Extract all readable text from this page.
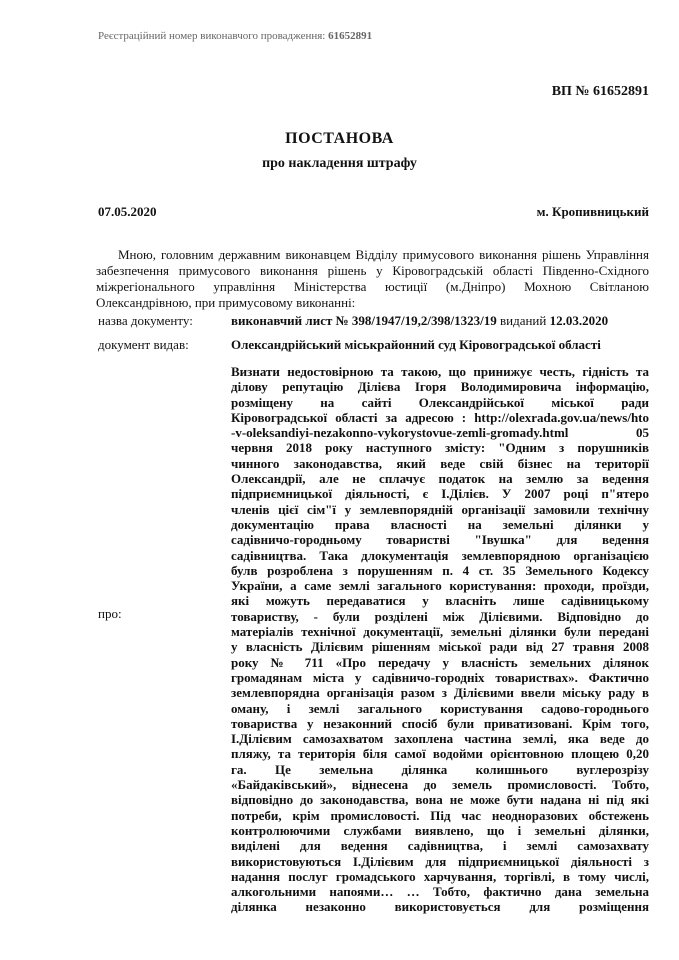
Реєстраційний номер виконавчого провадження: 61652891
ВП № 61652891
ПОСТАНОВА
про накладення штрафу
07.05.2020	м. Кропивницький
Мною, головним державним виконавцем Відділу примусового виконання рішень Управління забезпечення примусового виконання рішень у Кіровоградській області Південно-Східного міжрегіонального управління Міністерства юстиції (м.Дніпро) Мохною Світланою Олександрівною, при примусовому виконанні:
назва документу:	виконавчий лист № 398/1947/19,2/398/1323/19 виданий 12.03.2020
документ видав:	Олександрійський міськрайонний суд Кіровоградської області
про:
Визнати недостовірною та такою, що принижує честь, гідність та
ділову репутацію Ділієва Ігоря Володимировича інформацію,
розміщену на сайті Олександрійської міської ради
Кіровоградської області за адресою : http://olexrada.gov.ua/news/hto
-v-oleksandiyi-nezakonno-vykorystovue-zemli-gromady.html 05
червня 2018 року наступного змісту: "Одним з порушників
чинного законодавства, який веде свій бізнес на території
Олександрії, але не сплачує податок на землю за ведення
підприємницької діяльності, є І.Ділієв. У 2007 році п"ятеро
членів цієї сім"ї у землевпорядній організації замовили технічну
документацію права власності на земельні ділянки у
садівничо-городньому товаристві "Івушка" для ведення
садівництва. Така длокументація землевпорядною організацією
булв розроблена з порушенням п. 4 ст. 35 Земельного Кодексу
України, а саме землі загального користування: проходи, проїзди,
які можуть передаватися у власніть лише садівницькому
товариству, - були розділені між Ділієвими. Відповідно до
матеріалів технічної документації, земельні ділянки були передані
у власність Ділієвим рішенням міської ради від 27 травня 2008
року № 711 «Про передачу у власність земельних ділянок
громадянам міста у садівничо-городніх товариствах». Фактично
землевпорядна організація разом з Ділієвими ввели міську раду в
оману, і землі загального користування садово-городнього
товариства у незаконний спосіб були приватизовані. Крім того,
І.Ділієвим самозахватом захоплена частина землі, яка веде до
пляжу, та територія біля самої водойми орієнтовною площею 0,20
га. Це земельна ділянка колишнього вуглерозрізу
«Байдаківський», віднесена до земель промисловості. Тобто,
відповідно до законодавства, вона не може бути надана ні під які
потреби, крім промисловості. Під час неодноразових обстежень
контролюючими службами виявлено, що і земельні ділянки,
виділені для ведення садівництва, і землі самозахвату
використовуються І.Ділієвим для підприємницької діяльності з
надання послуг громадського харчування, торгівлі, в тому числі,
алкогольними напоями… … Тобто, фактично дана земельна
ділянка незаконно використовується для розміщення
